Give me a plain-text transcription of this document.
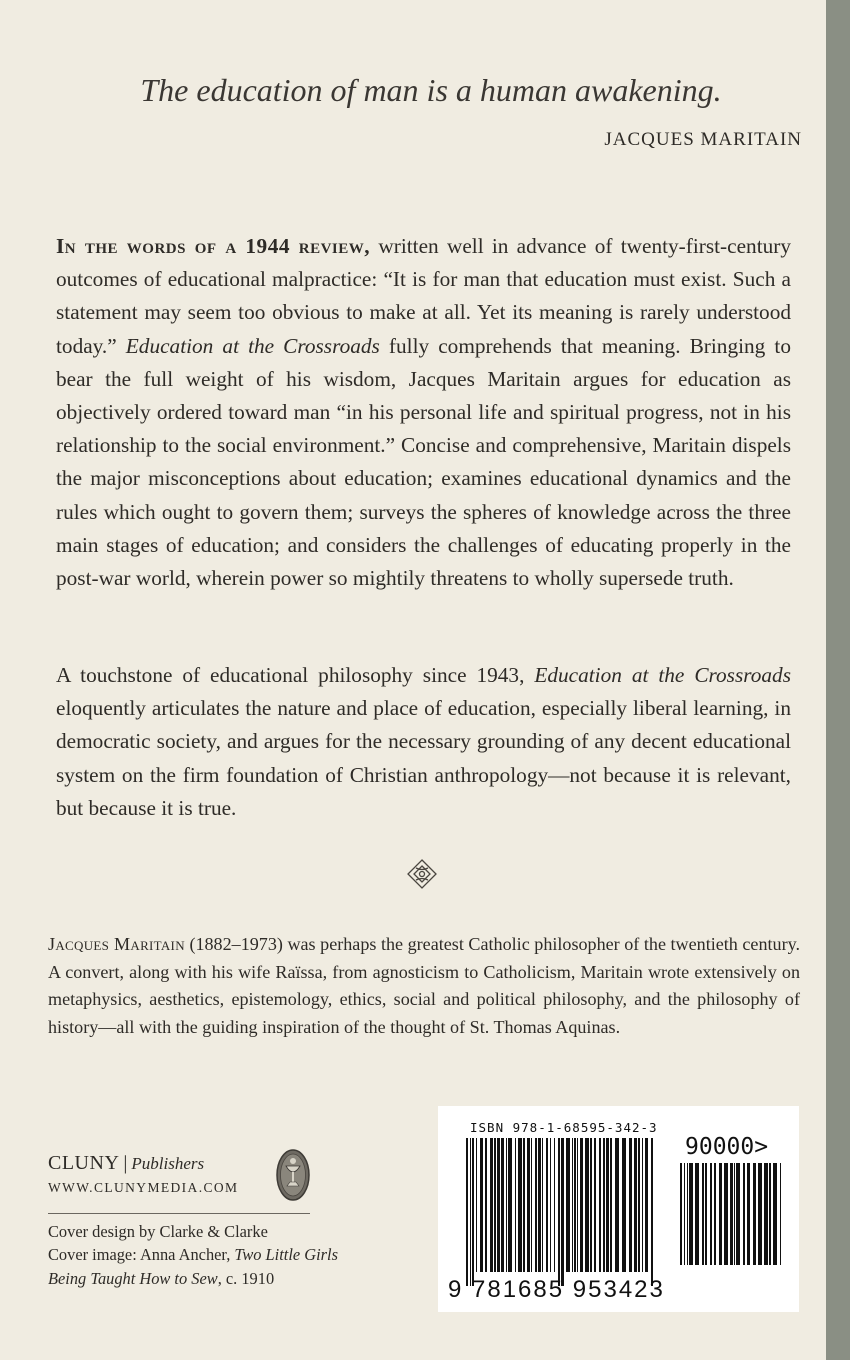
The education of man is a human awakening.

JACQUES MARITAIN

In the words of a 1944 review, written well in advance of twenty-first-century outcomes of educational malpractice: “It is for man that education must exist. Such a statement may seem too obvious to make at all. Yet its meaning is rarely understood today.” Education at the Crossroads fully comprehends that meaning. Bringing to bear the full weight of his wisdom, Jacques Maritain argues for education as objectively ordered toward man “in his personal life and spiritual progress, not in his relationship to the social environment.” Concise and comprehensive, Maritain dispels the major misconceptions about education; examines educational dynamics and the rules which ought to govern them; surveys the spheres of knowledge across the three main stages of education; and considers the challenges of educating properly in the post-war world, wherein power so mightily threatens to wholly supersede truth.

A touchstone of educational philosophy since 1943, Education at the Crossroads eloquently articulates the nature and place of education, especially liberal learning, in democratic society, and argues for the necessary grounding of any decent educational system on the firm foundation of Christian anthropology—not because it is relevant, but because it is true.

Jacques Maritain (1882–1973) was perhaps the greatest Catholic philosopher of the twentieth century. A convert, along with his wife Raïssa, from agnosticism to Catholicism, Maritain wrote extensively on metaphysics, aesthetics, epistemology, ethics, social and political philosophy, and the philosophy of history—all with the guiding inspiration of the thought of St. Thomas Aquinas.

CLUNY | Publishers
WWW.CLUNYMEDIA.COM
Cover design by Clarke & Clarke
Cover image: Anna Ancher, Two Little Girls Being Taught How to Sew, c. 1910
ISBN 978-1-68595-342-3
90000>
9 781685 953423
